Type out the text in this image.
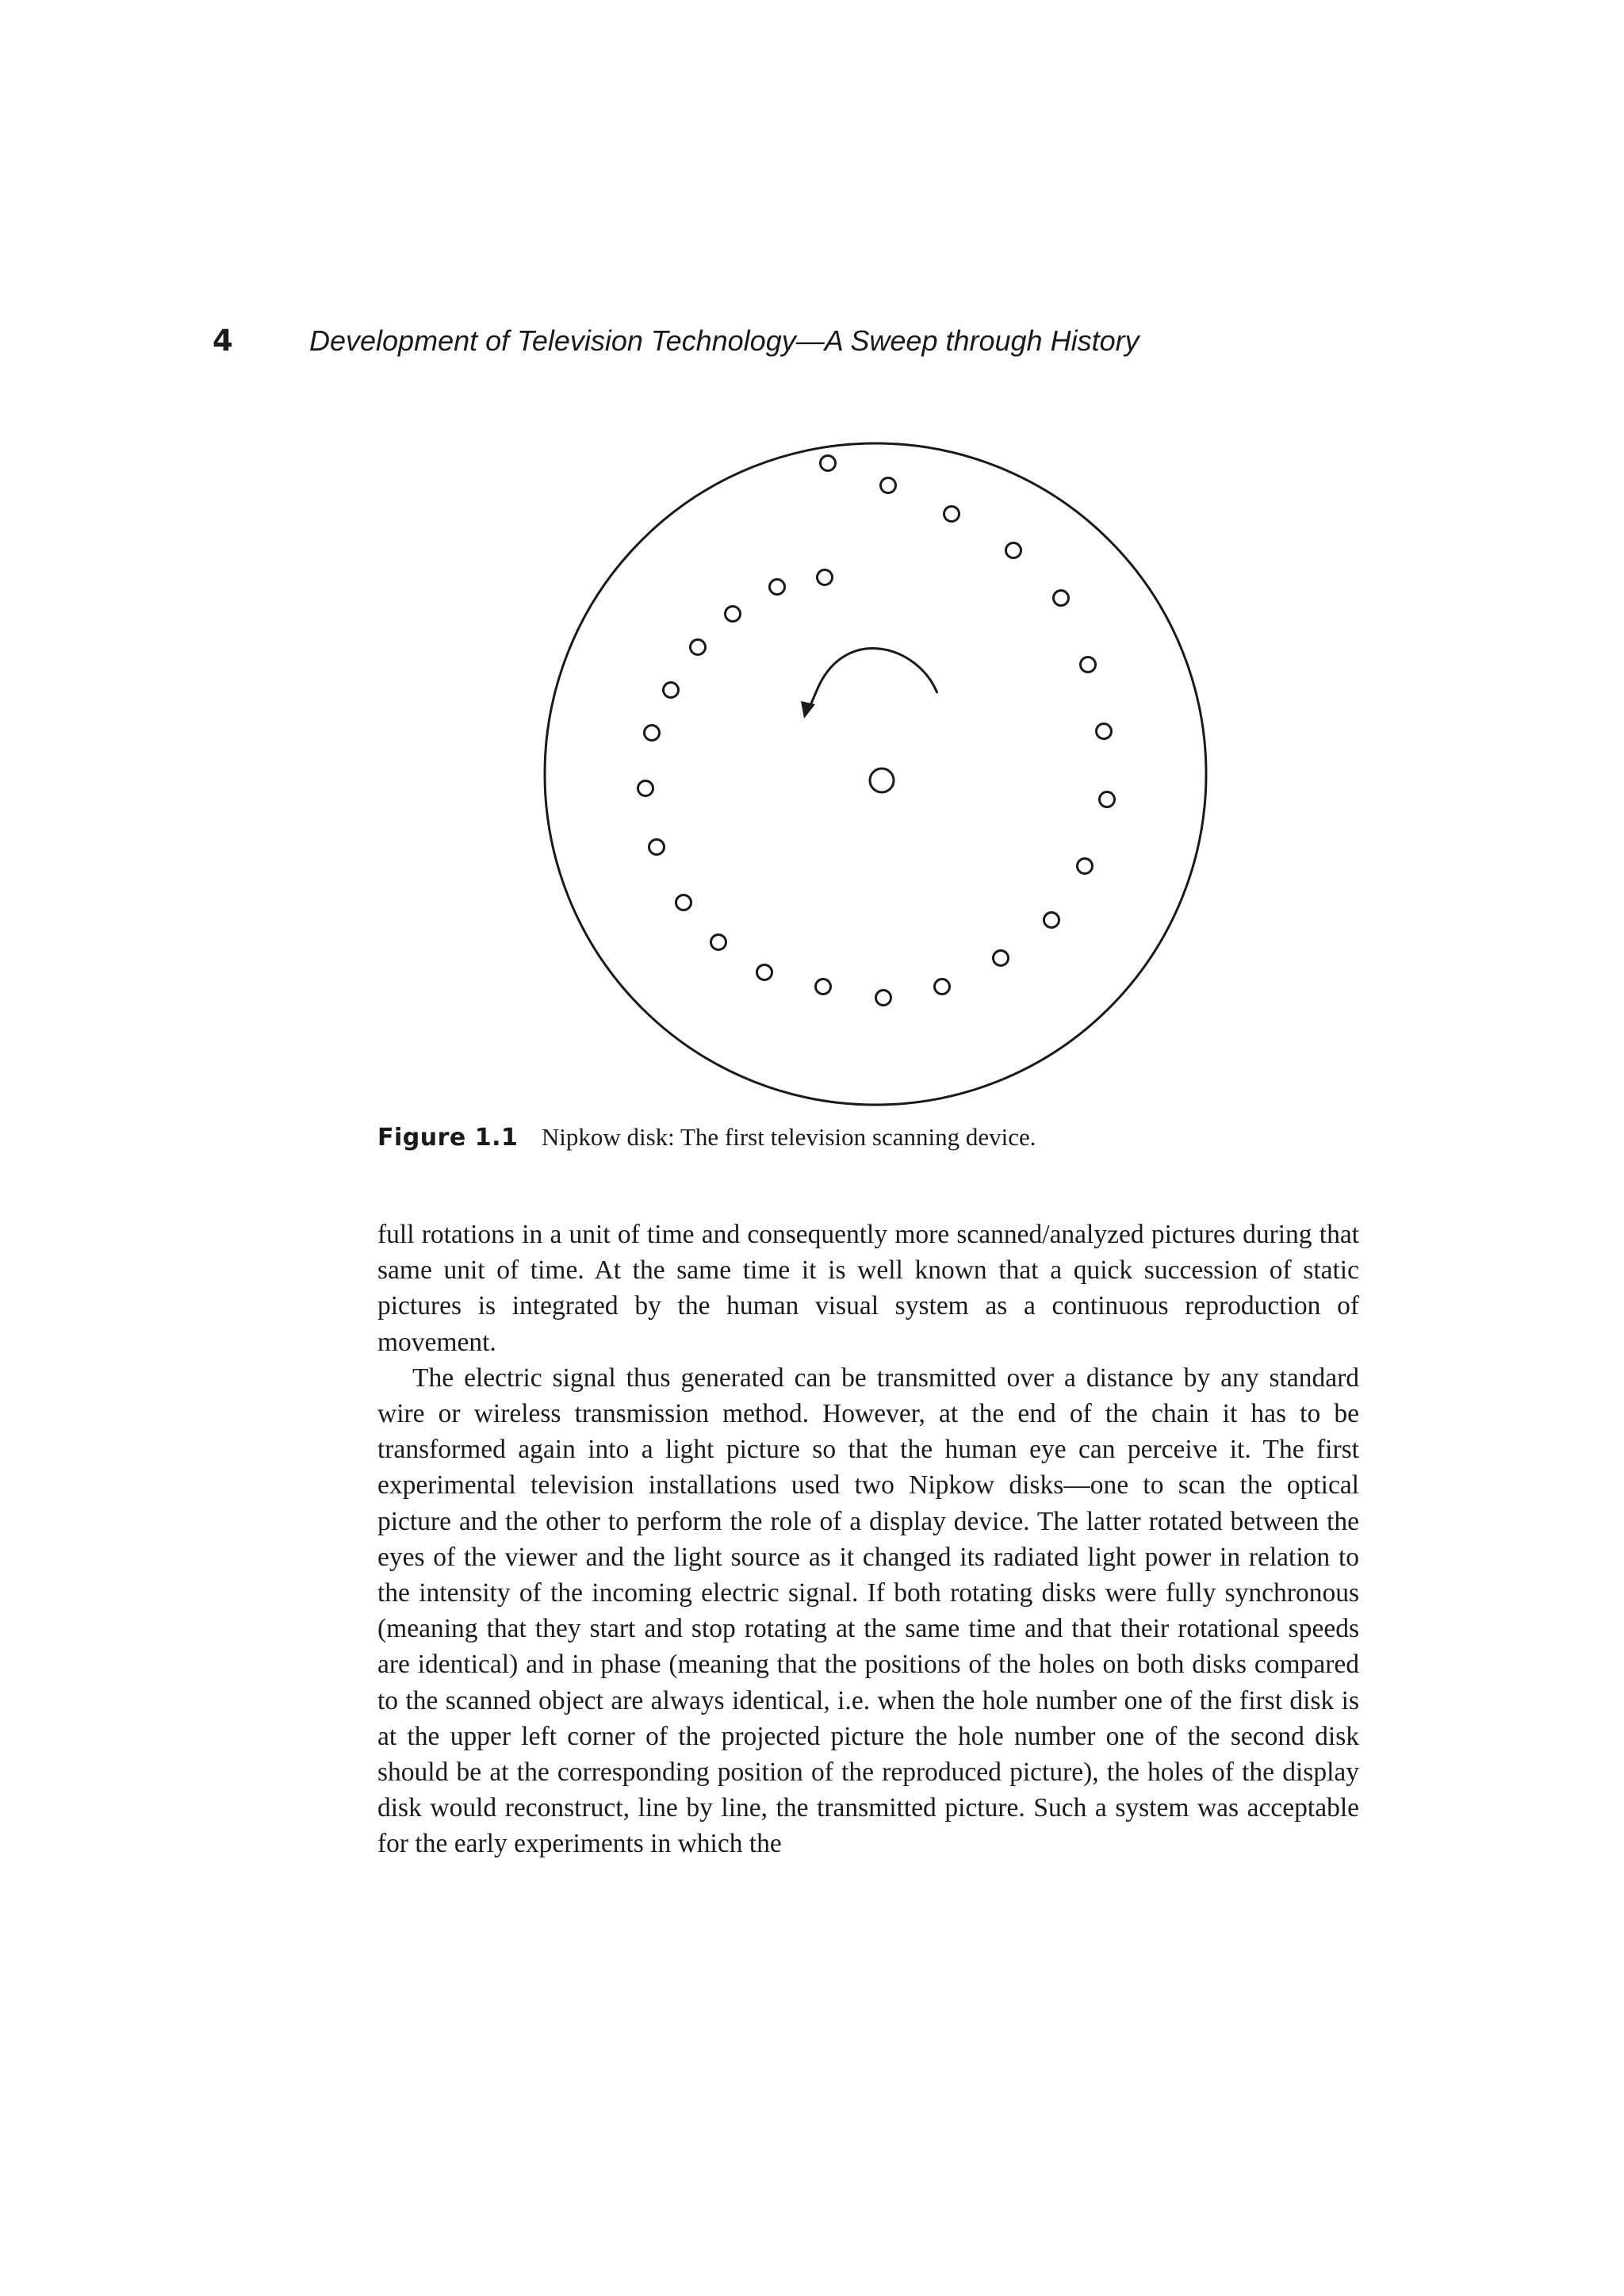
4	Development of Television Technology—A Sweep through History
Figure 1.1 Nipkow disk: The first television scanning device.

full rotations in a unit of time and consequently more scanned/analyzed pictures during that same unit of time. At the same time it is well known that a quick succession of static pictures is integrated by the human visual system as a continuous reproduction of movement.

The electric signal thus generated can be transmitted over a distance by any standard wire or wireless transmission method. However, at the end of the chain it has to be transformed again into a light picture so that the human eye can perceive it. The first experimental television installations used two Nipkow disks—one to scan the optical picture and the other to perform the role of a display device. The latter rotated between the eyes of the viewer and the light source as it changed its radiated light power in relation to the intensity of the incoming electric signal. If both rotating disks were fully synchronous (meaning that they start and stop rotating at the same time and that their rotational speeds are identical) and in phase (meaning that the positions of the holes on both disks compared to the scanned object are always identical, i.e. when the hole number one of the first disk is at the upper left corner of the projected picture the hole number one of the second disk should be at the corresponding position of the reproduced picture), the holes of the display disk would reconstruct, line by line, the transmitted picture. Such a system was acceptable for the early experiments in which the
